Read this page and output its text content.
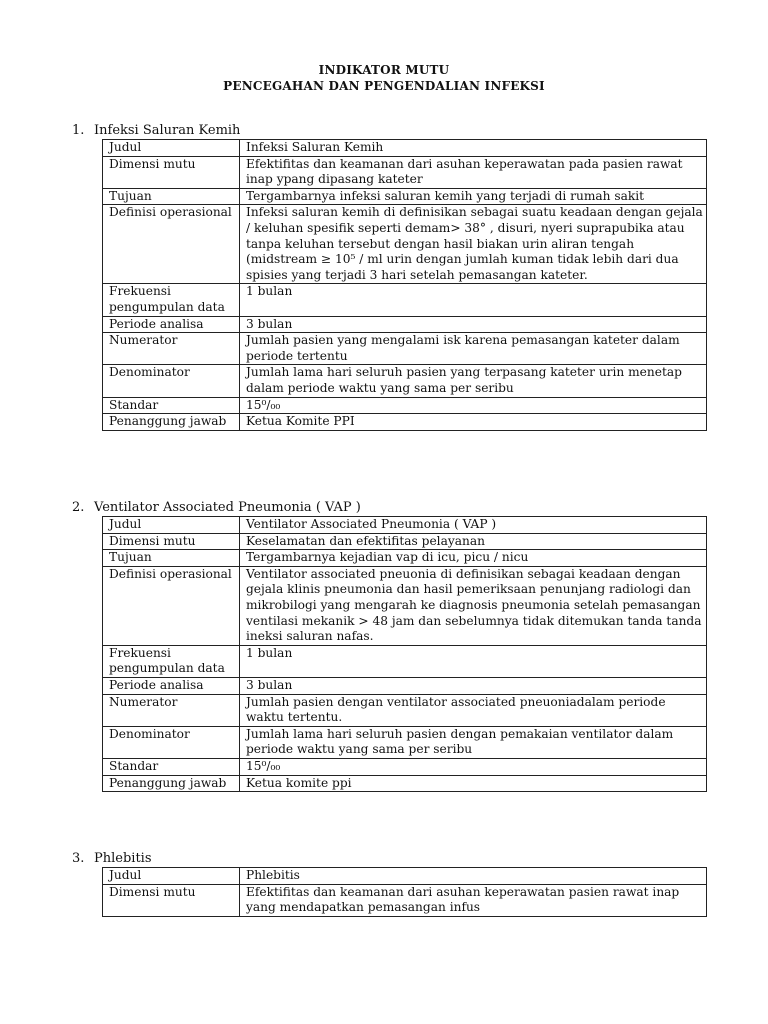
INDIKATOR MUTU
PENCEGAHAN DAN PENGENDALIAN INFEKSI
1. Infeksi Saluran Kemih
Judul	Infeksi Saluran Kemih
Dimensi mutu	Efektifitas dan keamanan dari asuhan keperawatan pada pasien rawat inap ypang dipasang kateter
Tujuan	Tergambarnya infeksi saluran kemih yang terjadi di rumah sakit
Definisi operasional	Infeksi saluran kemih di definisikan sebagai suatu keadaan dengan gejala / keluhan spesifik seperti demam> 38° , disuri, nyeri suprapubika atau tanpa keluhan tersebut dengan hasil biakan urin aliran tengah (midstream ≥ 10⁵ / ml urin dengan jumlah kuman tidak lebih dari dua spisies yang terjadi 3 hari setelah pemasangan kateter.
Frekuensi pengumpulan data	1 bulan
Periode analisa	3 bulan
Numerator	Jumlah pasien yang mengalami isk karena pemasangan kateter dalam periode tertentu
Denominator	Jumlah lama hari seluruh pasien yang terpasang kateter urin menetap dalam periode waktu yang sama per seribu
Standar	15⁰/₀₀
Penanggung jawab	Ketua Komite PPI
2. Ventilator Associated Pneumonia ( VAP )
Judul	Ventilator Associated Pneumonia ( VAP )
Dimensi mutu	Keselamatan dan efektifitas pelayanan
Tujuan	Tergambarnya kejadian vap di icu, picu / nicu
Definisi operasional	Ventilator associated pneuonia di definisikan sebagai keadaan dengan gejala klinis pneumonia dan hasil pemeriksaan penunjang radiologi dan mikrobilogi yang mengarah ke diagnosis pneumonia setelah pemasangan ventilasi mekanik > 48 jam dan sebelumnya tidak ditemukan tanda tanda ineksi saluran nafas.
Frekuensi pengumpulan data	1 bulan
Periode analisa	3 bulan
Numerator	Jumlah pasien dengan ventilator associated pneuoniadalam periode waktu tertentu.
Denominator	Jumlah lama hari seluruh pasien dengan pemakaian ventilator dalam periode waktu yang sama per seribu
Standar	15⁰/₀₀
Penanggung jawab	Ketua komite ppi
3. Phlebitis
Judul	Phlebitis
Dimensi mutu	Efektifitas dan keamanan dari asuhan keperawatan pasien rawat inap yang mendapatkan pemasangan infus
